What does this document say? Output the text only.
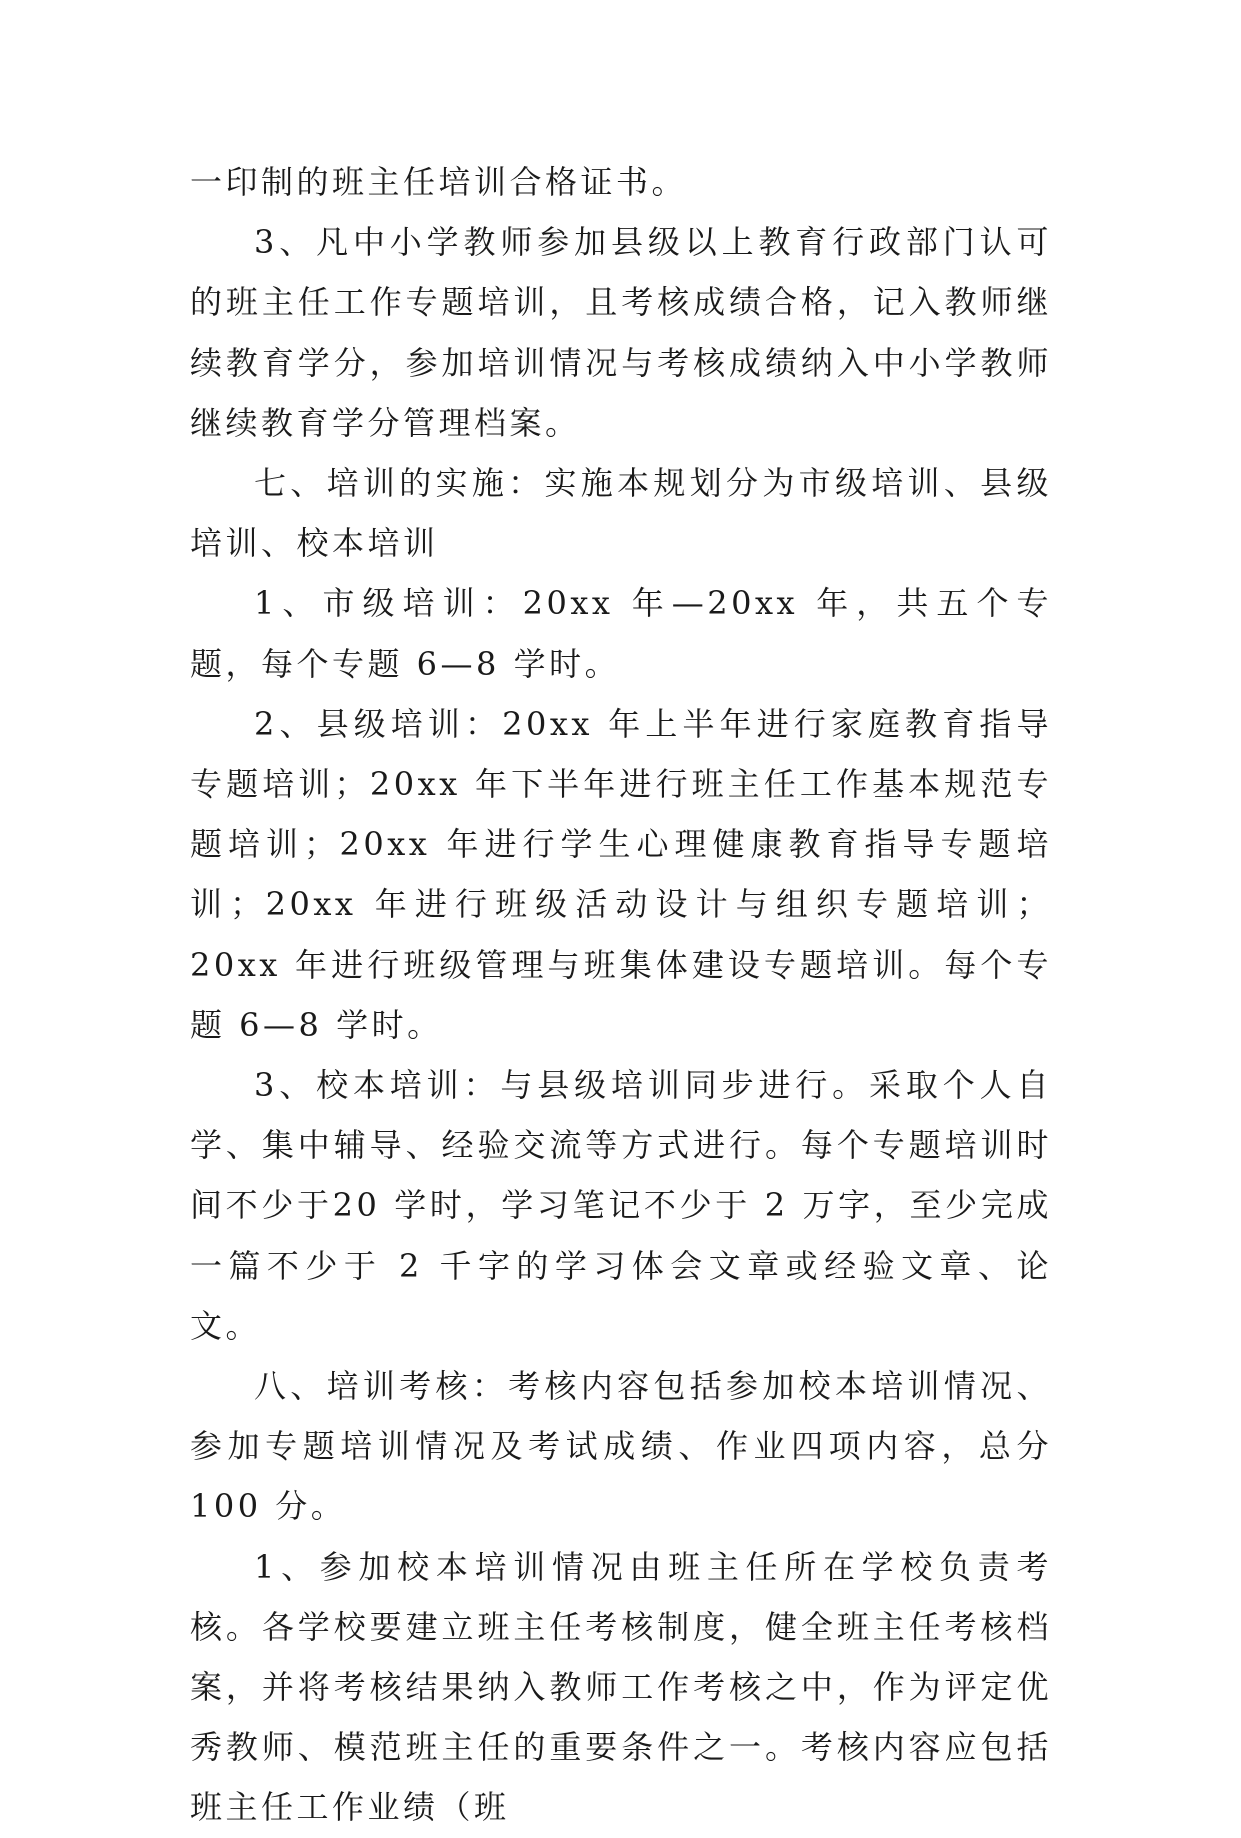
一印制的班主任培训合格证书。

3、凡中小学教师参加县级以上教育行政部门认可的班主任工作专题培训，且考核成绩合格，记入教师继续教育学分，参加培训情况与考核成绩纳入中小学教师继续教育学分管理档案。

七、培训的实施：实施本规划分为市级培训、县级培训、校本培训

1、市级培训：20xx 年—20xx 年，共五个专题，每个专题 6—8 学时。

2、县级培训：20xx 年上半年进行家庭教育指导专题培训；20xx 年下半年进行班主任工作基本规范专题培训；20xx 年进行学生心理健康教育指导专题培训；20xx 年进行班级活动设计与组织专题培训；20xx 年进行班级管理与班集体建设专题培训。每个专题 6—8 学时。

3、校本培训：与县级培训同步进行。采取个人自学、集中辅导、经验交流等方式进行。每个专题培训时间不少于20 学时，学习笔记不少于 2 万字，至少完成一篇不少于 2 千字的学习体会文章或经验文章、论文。

八、培训考核：考核内容包括参加校本培训情况、参加专题培训情况及考试成绩、作业四项内容，总分 100 分。

1、参加校本培训情况由班主任所在学校负责考核。各学校要建立班主任考核制度，健全班主任考核档案，并将考核结果纳入教师工作考核之中，作为评定优秀教师、模范班主任的重要条件之一。考核内容应包括班主任工作业绩（班
